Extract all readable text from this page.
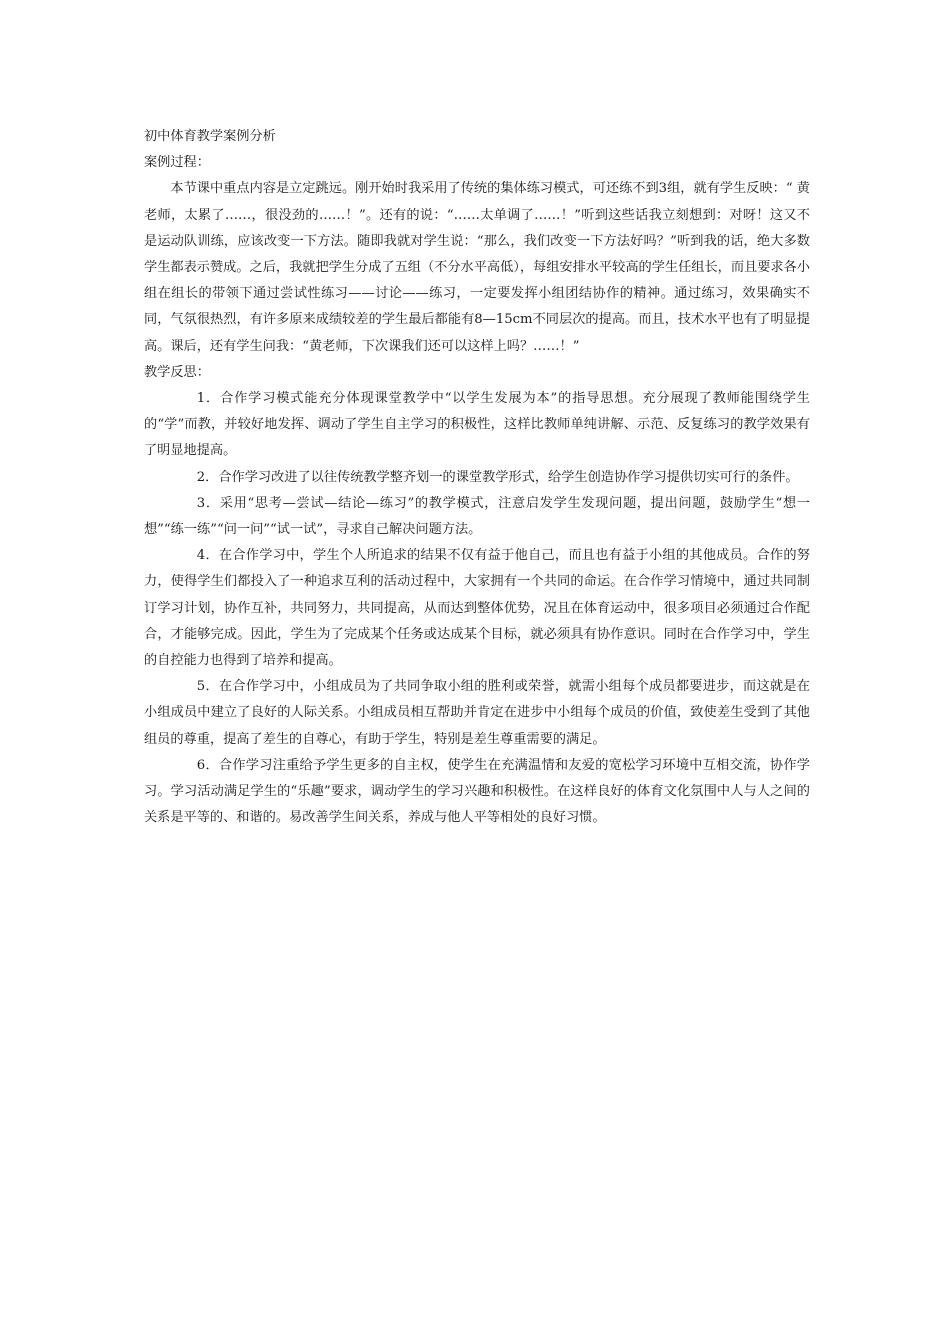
初中体育教学案例分析

案例过程：

本节课中重点内容是立定跳远。刚开始时我采用了传统的集体练习模式，可还练不到3组，就有学生反映：“ 黄老师，太累了……，很没劲的……！”。还有的说：“……太单调了……！”听到这些话我立刻想到：对呀！这又不是运动队训练，应该改变一下方法。随即我就对学生说：“那么，我们改变一下方法好吗？”听到我的话，绝大多数学生都表示赞成。之后，我就把学生分成了五组（不分水平高低），每组安排水平较高的学生任组长，而且要求各小组在组长的带领下通过尝试性练习——讨论——练习，一定要发挥小组团结协作的精神。通过练习，效果确实不同，气氛很热烈，有许多原来成绩较差的学生最后都能有8—15cm不同层次的提高。而且，技术水平也有了明显提高。课后，还有学生问我：“黄老师，下次课我们还可以这样上吗？……！”

教学反思：

1．合作学习模式能充分体现课堂教学中“以学生发展为本”的指导思想。充分展现了教师能围绕学生的“学”而教，并较好地发挥、调动了学生自主学习的积极性，这样比教师单纯讲解、示范、反复练习的教学效果有了明显地提高。

2．合作学习改进了以往传统教学整齐划一的课堂教学形式，给学生创造协作学习提供切实可行的条件。

3．采用“思考—尝试—结论—练习”的教学模式，注意启发学生发现问题，提出问题，鼓励学生“想一想”“练一练”“问一问”“试一试”，寻求自己解决问题方法。

4．在合作学习中，学生个人所追求的结果不仅有益于他自己，而且也有益于小组的其他成员。合作的努力，使得学生们都投入了一种追求互利的活动过程中，大家拥有一个共同的命运。在合作学习情境中，通过共同制订学习计划，协作互补，共同努力，共同提高，从而达到整体优势，况且在体育运动中，很多项目必须通过合作配合，才能够完成。因此，学生为了完成某个任务或达成某个目标，就必须具有协作意识。同时在合作学习中，学生的自控能力也得到了培养和提高。

5．在合作学习中，小组成员为了共同争取小组的胜利或荣誉，就需小组每个成员都要进步，而这就是在小组成员中建立了良好的人际关系。小组成员相互帮助并肯定在进步中小组每个成员的价值，致使差生受到了其他组员的尊重，提高了差生的自尊心，有助于学生，特别是差生尊重需要的满足。

6．合作学习注重给予学生更多的自主权，使学生在充满温情和友爱的宽松学习环境中互相交流，协作学习。学习活动满足学生的“乐趣”要求，调动学生的学习兴趣和积极性。在这样良好的体育文化氛围中人与人之间的关系是平等的、和谐的。易改善学生间关系，养成与他人平等相处的良好习惯。
